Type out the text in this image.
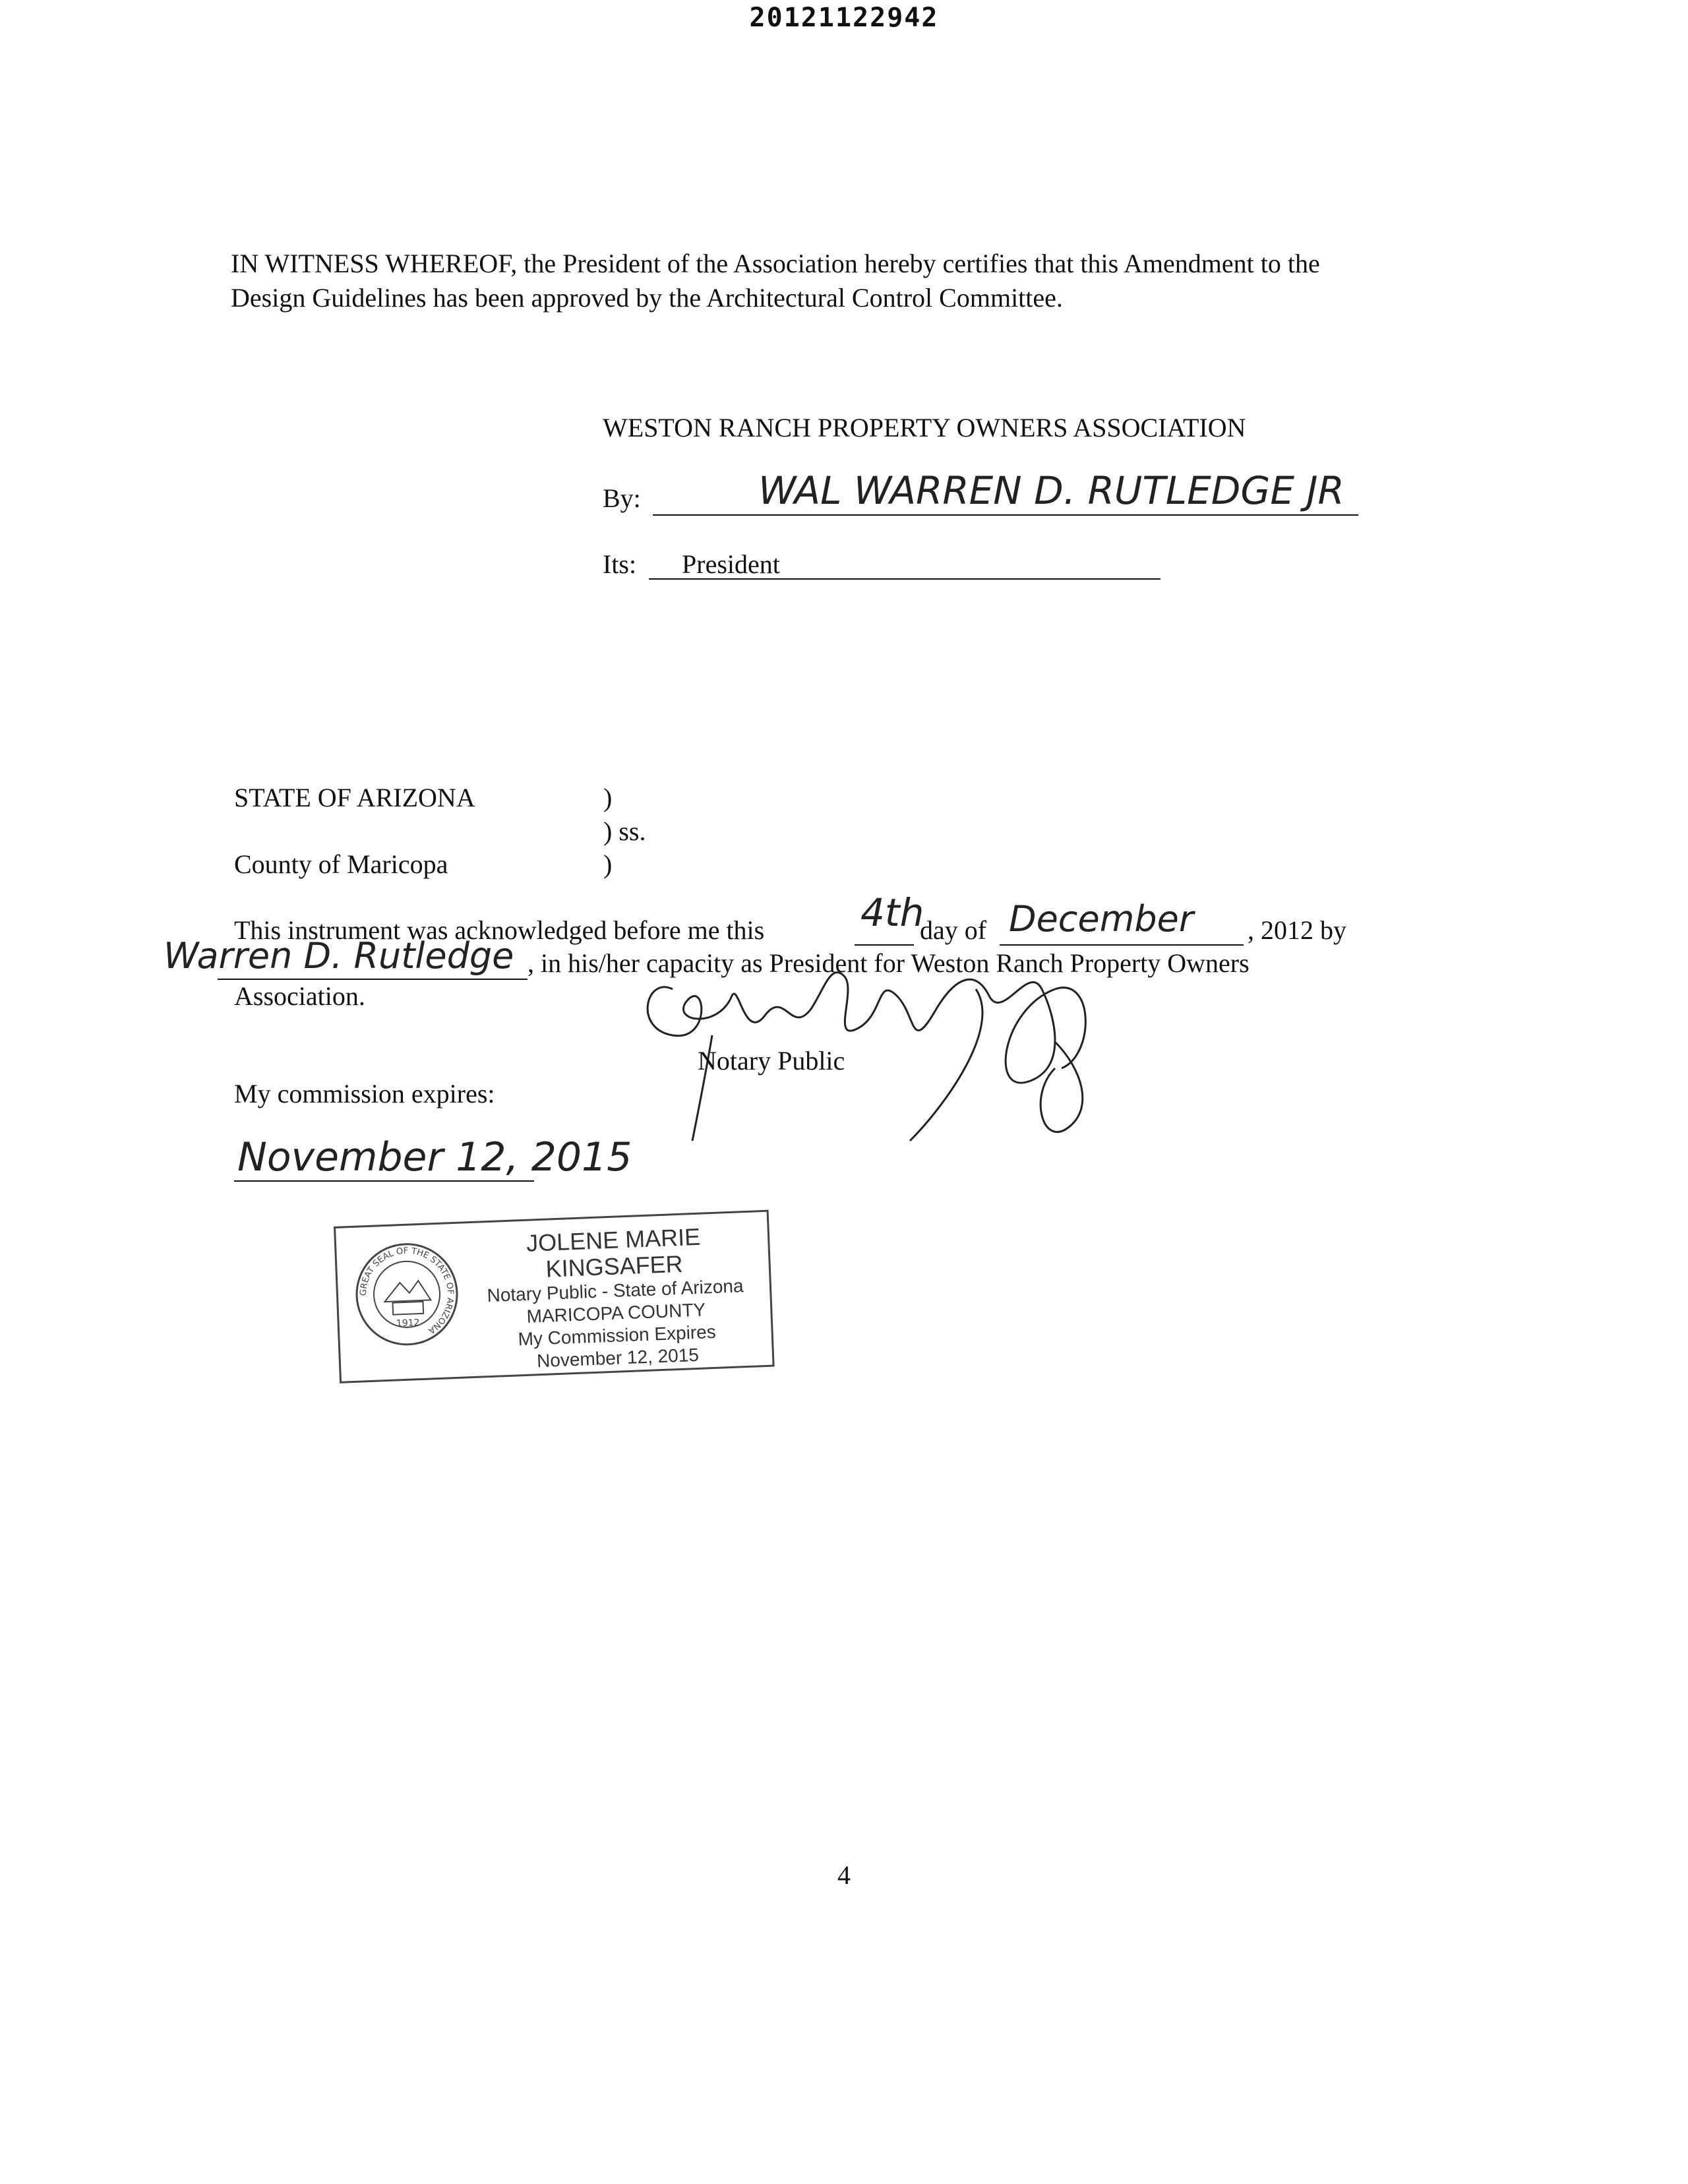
20121122942
IN WITNESS WHEREOF, the President of the Association hereby certifies that this Amendment to the Design Guidelines has been approved by the Architectural Control Committee.
WESTON RANCH PROPERTY OWNERS ASSOCIATION
By:	WAL WARREN D. RUTLEDGE JR
Its: President
STATE OF ARIZONA	)
) ss.
County of Maricopa	)
This instrument was acknowledged before me this	4th
day of December , 2012 by
Warren D. Rutledge , in his/her capacity as President for Weston Ranch Property Owners
Association.
Notary Public
My commission expires:
November 12, 2015
GREAT SEAL OF THE STATE OF ARIZONA
1912
JOLENE MARIE KINGSAFER
Notary Public - State of Arizona
MARICOPA COUNTY
My Commission Expires
November 12, 2015
4
